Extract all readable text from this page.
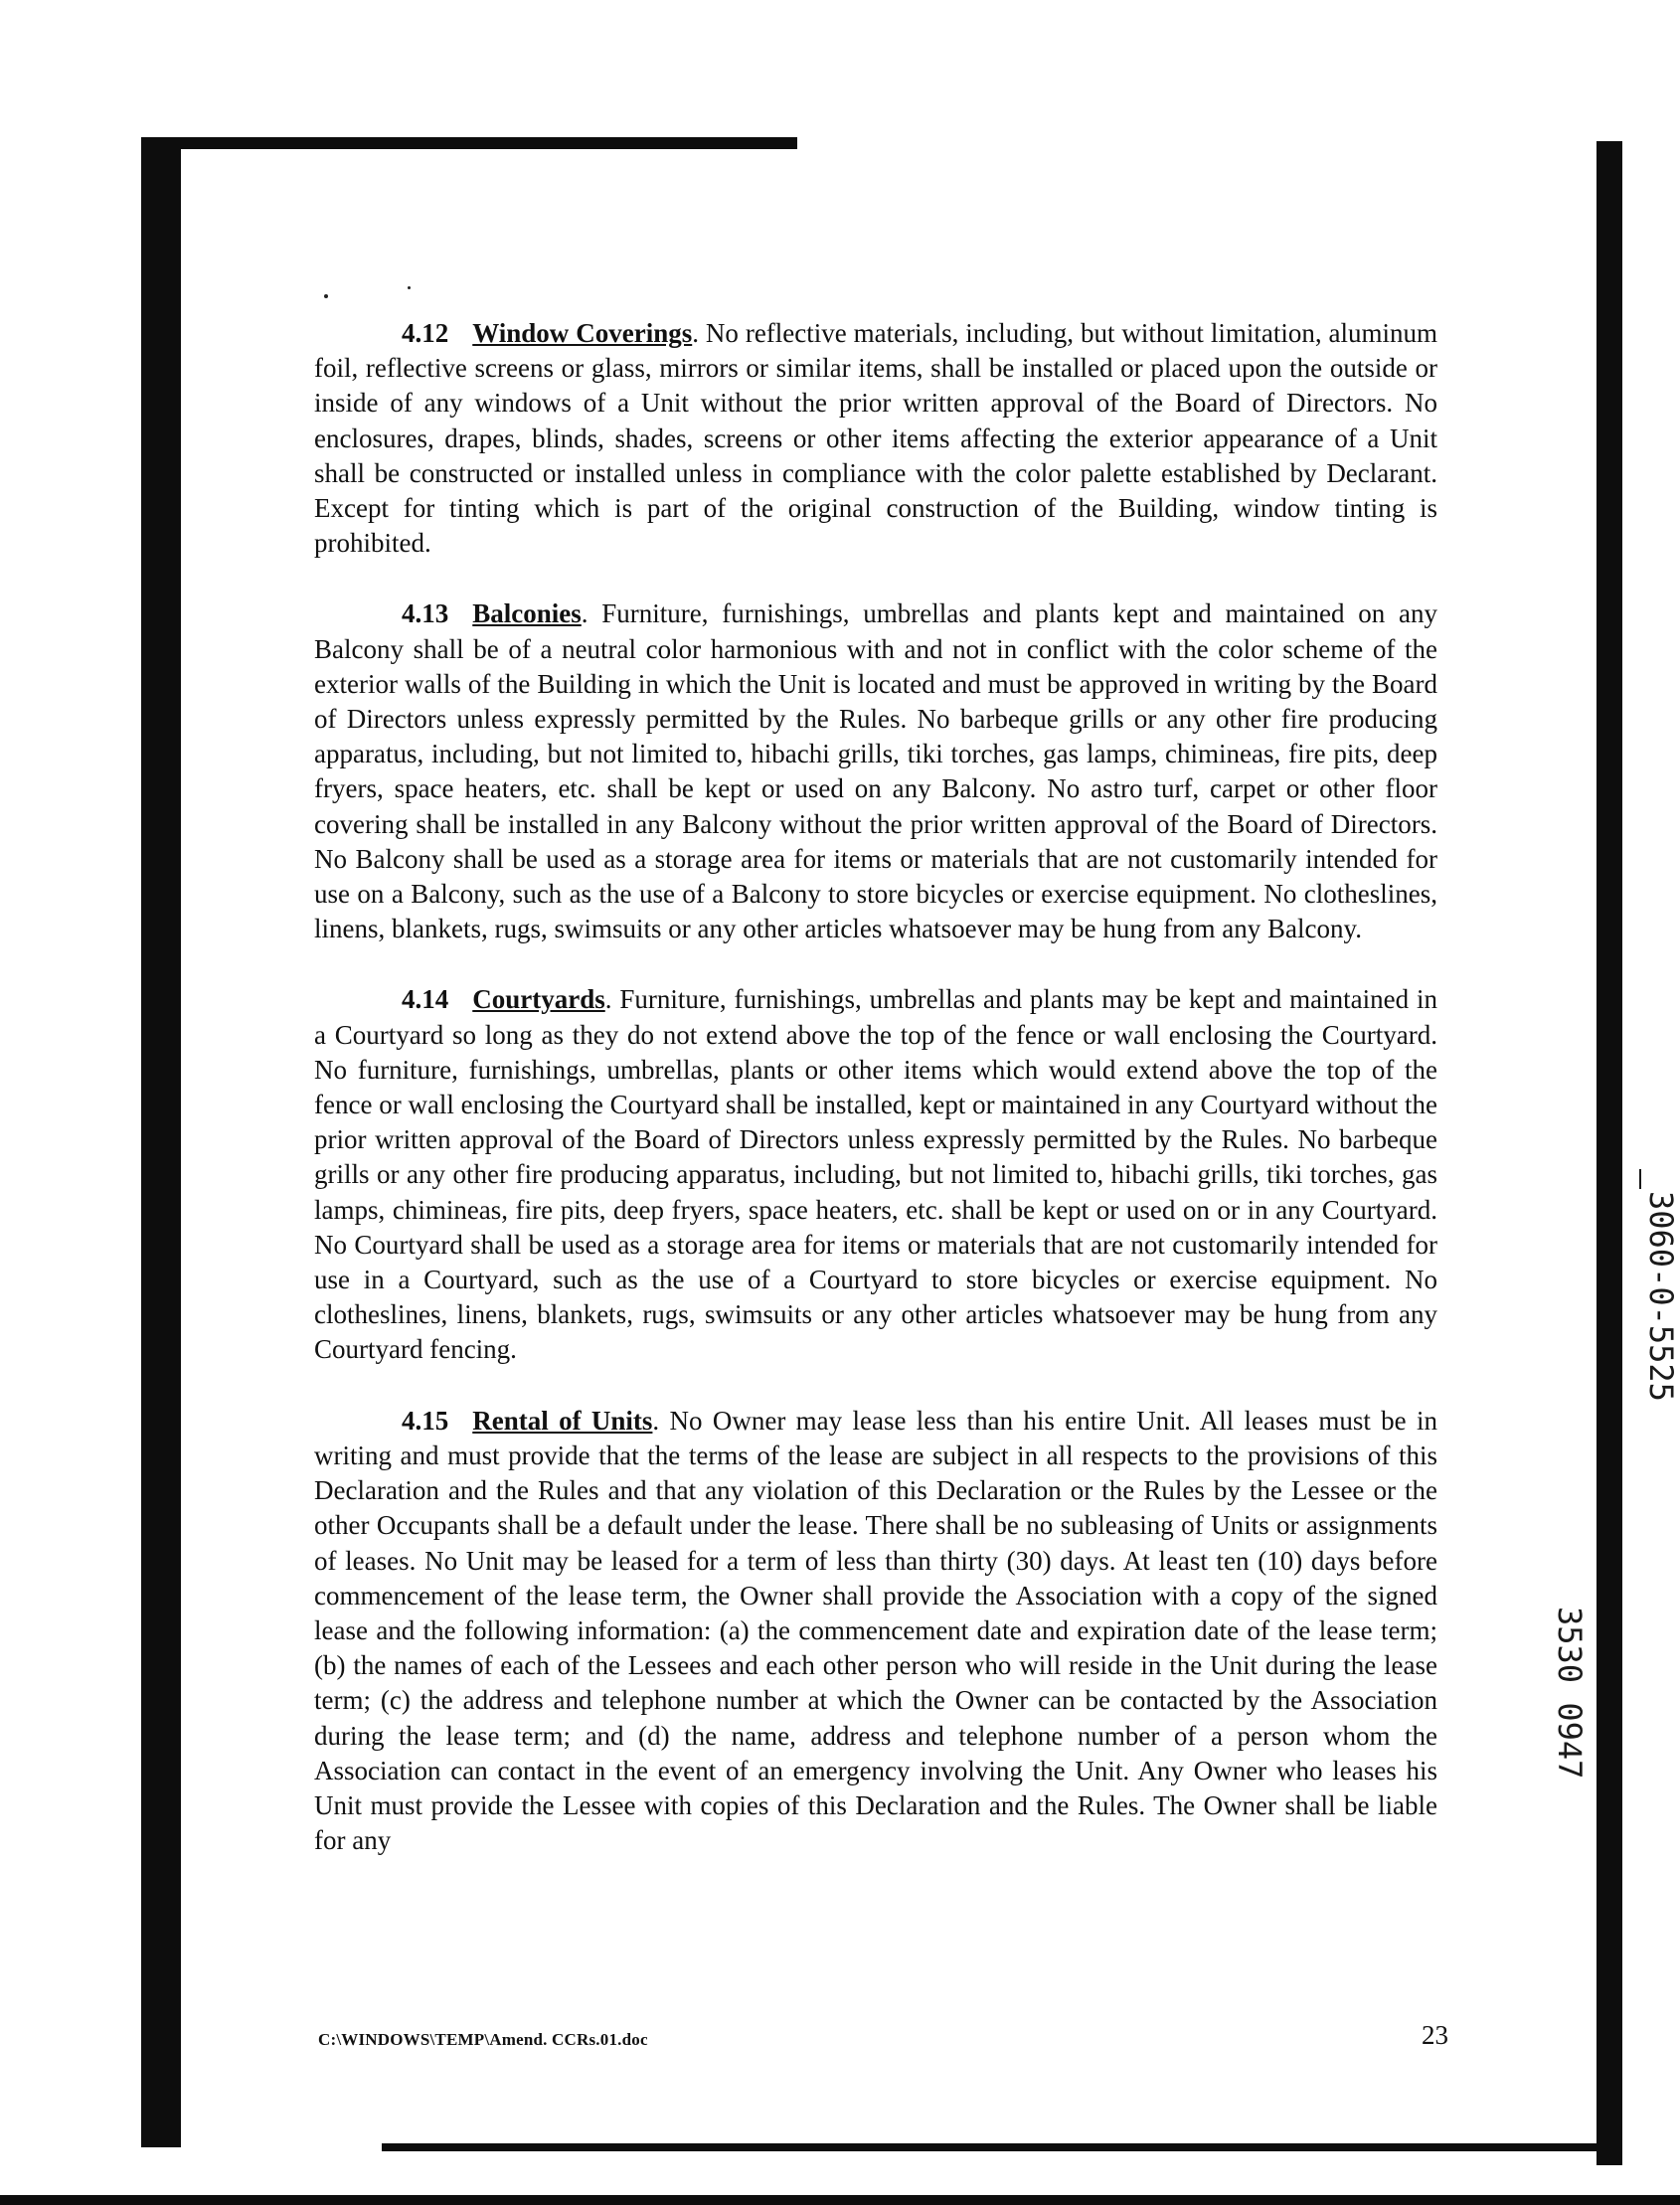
4.12 Window Coverings. No reflective materials, including, but without limitation, aluminum foil, reflective screens or glass, mirrors or similar items, shall be installed or placed upon the outside or inside of any windows of a Unit without the prior written approval of the Board of Directors. No enclosures, drapes, blinds, shades, screens or other items affecting the exterior appearance of a Unit shall be constructed or installed unless in compliance with the color palette established by Declarant. Except for tinting which is part of the original construction of the Building, window tinting is prohibited.

4.13 Balconies. Furniture, furnishings, umbrellas and plants kept and maintained on any Balcony shall be of a neutral color harmonious with and not in conflict with the color scheme of the exterior walls of the Building in which the Unit is located and must be approved in writing by the Board of Directors unless expressly permitted by the Rules. No barbeque grills or any other fire producing apparatus, including, but not limited to, hibachi grills, tiki torches, gas lamps, chimineas, fire pits, deep fryers, space heaters, etc. shall be kept or used on any Balcony. No astro turf, carpet or other floor covering shall be installed in any Balcony without the prior written approval of the Board of Directors. No Balcony shall be used as a storage area for items or materials that are not customarily intended for use on a Balcony, such as the use of a Balcony to store bicycles or exercise equipment. No clotheslines, linens, blankets, rugs, swimsuits or any other articles whatsoever may be hung from any Balcony.

4.14 Courtyards. Furniture, furnishings, umbrellas and plants may be kept and maintained in a Courtyard so long as they do not extend above the top of the fence or wall enclosing the Courtyard. No furniture, furnishings, umbrellas, plants or other items which would extend above the top of the fence or wall enclosing the Courtyard shall be installed, kept or maintained in any Courtyard without the prior written approval of the Board of Directors unless expressly permitted by the Rules. No barbeque grills or any other fire producing apparatus, including, but not limited to, hibachi grills, tiki torches, gas lamps, chimineas, fire pits, deep fryers, space heaters, etc. shall be kept or used on or in any Courtyard. No Courtyard shall be used as a storage area for items or materials that are not customarily intended for use in a Courtyard, such as the use of a Courtyard to store bicycles or exercise equipment. No clotheslines, linens, blankets, rugs, swimsuits or any other articles whatsoever may be hung from any Courtyard fencing.

4.15 Rental of Units. No Owner may lease less than his entire Unit. All leases must be in writing and must provide that the terms of the lease are subject in all respects to the provisions of this Declaration and the Rules and that any violation of this Declaration or the Rules by the Lessee or the other Occupants shall be a default under the lease. There shall be no subleasing of Units or assignments of leases. No Unit may be leased for a term of less than thirty (30) days. At least ten (10) days before commencement of the lease term, the Owner shall provide the Association with a copy of the signed lease and the following information: (a) the commencement date and expiration date of the lease term; (b) the names of each of the Lessees and each other person who will reside in the Unit during the lease term; (c) the address and telephone number at which the Owner can be contacted by the Association during the lease term; and (d) the name, address and telephone number of a person whom the Association can contact in the event of an emergency involving the Unit. Any Owner who leases his Unit must provide the Lessee with copies of this Declaration and the Rules. The Owner shall be liable for any

3060-0-5525
3530 0947
C:\WINDOWS\TEMP\Amend. CCRs.01.doc	23
